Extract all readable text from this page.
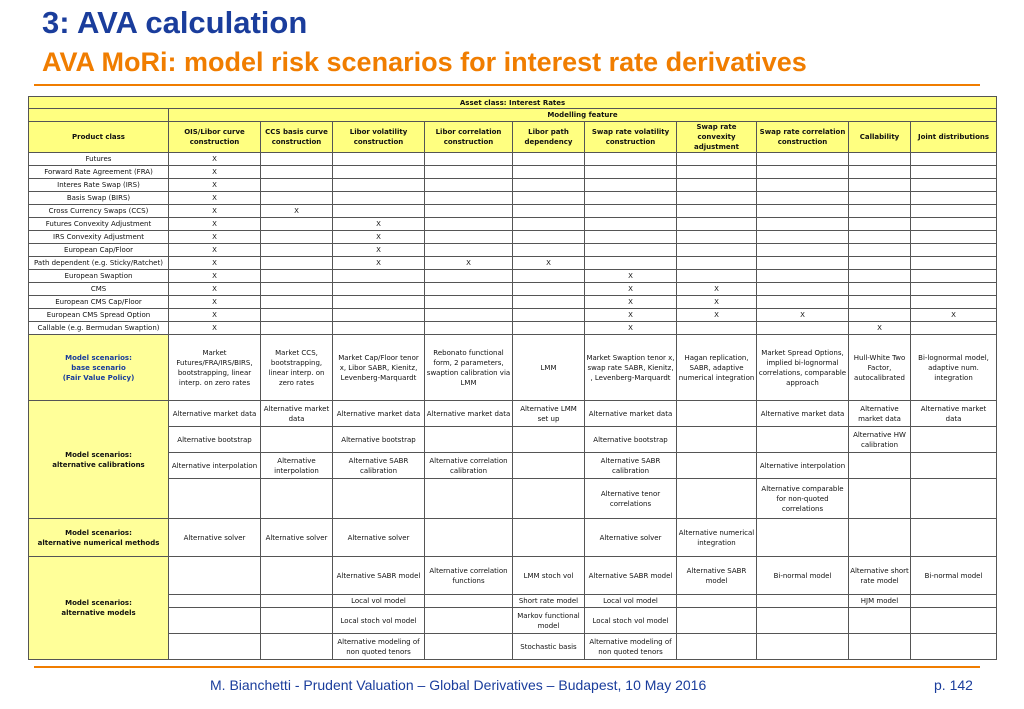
3: AVA calculation
AVA MoRi: model risk scenarios for interest rate derivatives
Asset class: Interest Rates										
	Modelling feature									
Product class	OIS/Libor curve construction	CCS basis curve construction	Libor volatility construction	Libor correlation construction	Libor path dependency	Swap rate volatility construction	Swap rate convexity adjustment	Swap rate correlation construction	Callability	Joint distributions
Futures	X									
Forward Rate Agreement (FRA)	X									
Interes Rate Swap (IRS)	X									
Basis Swap (BIRS)	X									
Cross Currency Swaps (CCS)	X	X								
Futures Convexity Adjustment	X		X							
IRS Convexity Adjustment	X		X							
European Cap/Floor	X		X							
Path dependent (e.g. Sticky/Ratchet)	X		X	X	X					
European Swaption	X					X				
CMS	X					X	X			
European CMS Cap/Floor	X					X	X			
European CMS Spread Option	X					X	X	X		X
Callable (e.g. Bermudan Swaption)	X					X			X	
Model scenarios:
base scenario
(Fair Value Policy)	Market Futures/FRA/IRS/BIRS, bootstrapping, linear interp. on zero rates	Market CCS, bootstrapping, linear interp. on zero rates	Market Cap/Floor tenor x, Libor SABR, Kienitz, Levenberg-Marquardt	Rebonato functional form, 2 parameters, swaption calibration via LMM	LMM	Market Swaption tenor x, swap rate SABR, Kienitz, , Levenberg-Marquardt	Hagan replication, SABR, adaptive numerical integration	Market Spread Options, implied bi-lognormal correlations, comparable approach	Hull-White Two Factor, autocalibrated	Bi-lognormal model, adaptive num. integration
Model scenarios:
alternative calibrations	Alternative market data	Alternative market data	Alternative market data	Alternative market data	Alternative LMM set up	Alternative market data		Alternative market data	Alternative market data	Alternative market data
	Alternative bootstrap		Alternative bootstrap			Alternative bootstrap			Alternative HW calibration	
	Alternative interpolation	Alternative interpolation	Alternative SABR calibration	Alternative correlation calibration		Alternative SABR calibration		Alternative interpolation		
						Alternative tenor correlations		Alternative comparable for non-quoted correlations		
Model scenarios:
alternative numerical methods	Alternative solver	Alternative solver	Alternative solver			Alternative solver	Alternative numerical integration			
Model scenarios:
alternative models			Alternative SABR model	Alternative correlation functions	LMM stoch vol	Alternative SABR model	Alternative SABR model	Bi-normal model	Alternative short rate model	Bi-normal model
			Local vol model		Short rate model	Local vol model			HJM model	
			Local stoch vol model		Markov functional model	Local stoch vol model				
			Alternative modeling of non quoted tenors		Stochastic basis	Alternative modeling of non quoted tenors				
M. Bianchetti - Prudent Valuation – Global Derivatives – Budapest, 10 May 2016	p. 142
